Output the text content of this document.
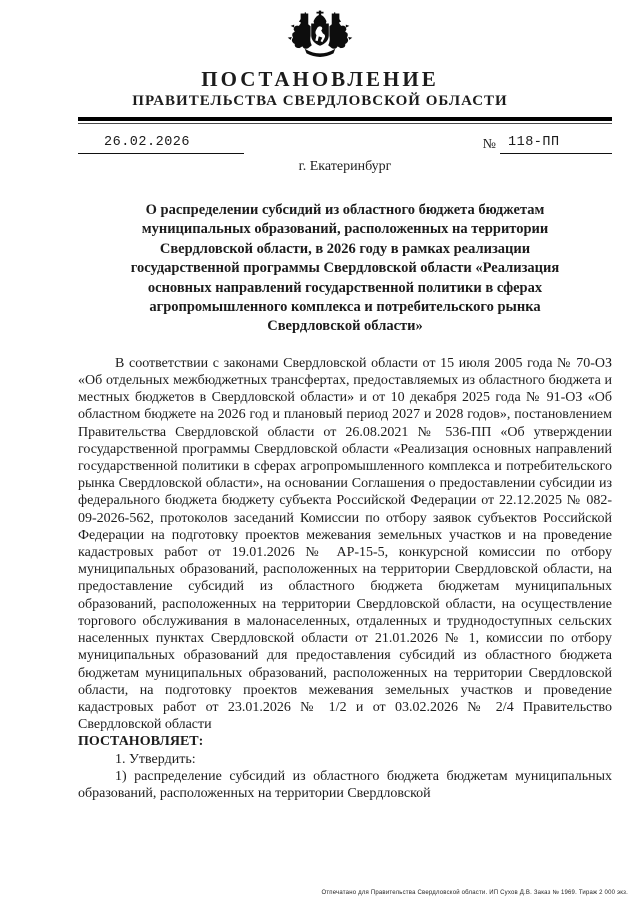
ПОСТАНОВЛЕНИЕ
ПРАВИТЕЛЬСТВА СВЕРДЛОВСКОЙ ОБЛАСТИ
26.02.2026	№ 118-ПП
г. Екатеринбург
О распределении субсидий из областного бюджета бюджетам
муниципальных образований, расположенных на территории
Свердловской области, в 2026 году в рамках реализации
государственной программы Свердловской области «Реализация
основных направлений государственной политики в сферах
агропромышленного комплекса и потребительского рынка
Свердловской области»

В соответствии с законами Свердловской области от 15 июля 2005 года № 70-ОЗ «Об отдельных межбюджетных трансфертах, предоставляемых из областного бюджета и местных бюджетов в Свердловской области» и от 10 декабря 2025 года № 91-ОЗ «Об областном бюджете на 2026 год и плановый период 2027 и 2028 годов», постановлением Правительства Свердловской области от 26.08.2021 № 536-ПП «Об утверждении государственной программы Свердловской области «Реализация основных направлений государственной политики в сферах агропромышленного комплекса и потребительского рынка Свердловской области», на основании Соглашения о предоставлении субсидии из федерального бюджета бюджету субъекта Российской Федерации от 22.12.2025 № 082-09-2026-562, протоколов заседаний Комиссии по отбору заявок субъектов Российской Федерации на подготовку проектов межевания земельных участков и на проведение кадастровых работ от 19.01.2026 № АР-15-5, конкурсной комиссии по отбору муниципальных образований, расположенных на территории Свердловской области, на предоставление субсидий из областного бюджета бюджетам муниципальных образований, расположенных на территории Свердловской области, на осуществление торгового обслуживания в малонаселенных, отдаленных и труднодоступных сельских населенных пунктах Свердловской области от 21.01.2026 № 1, комиссии по отбору муниципальных образований для предоставления субсидий из областного бюджета бюджетам муниципальных образований, расположенных на территории Свердловской области, на подготовку проектов межевания земельных участков и проведение кадастровых работ от 23.01.2026 № 1/2 и от 03.02.2026 № 2/4 Правительство Свердловской области

ПОСТАНОВЛЯЕТ:

1. Утвердить:

1) распределение субсидий из областного бюджета бюджетам муниципальных образований, расположенных на территории Свердловской

Отпечатано для Правительства Свердловской области. ИП Сухов Д.В. Заказ № 1969. Тираж 2 000 экз.
